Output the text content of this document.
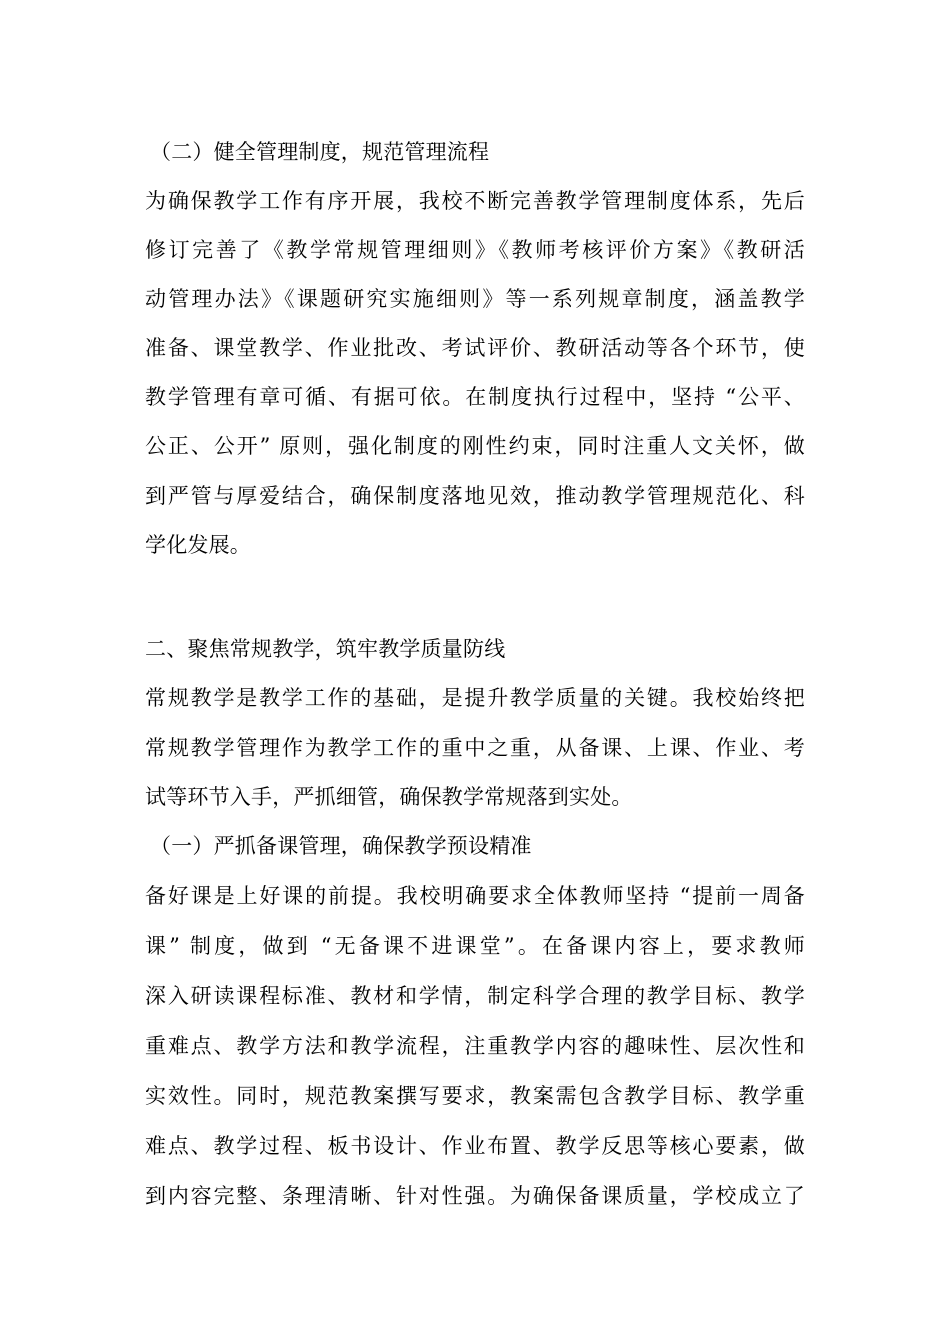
（二）健全管理制度，规范管理流程
为确保教学工作有序开展，我校不断完善教学管理制度体系，先后
修订完善了《教学常规管理细则》《教师考核评价方案》《教研活
动管理办法》《课题研究实施细则》等一系列规章制度，涵盖教学
准备、课堂教学、作业批改、考试评价、教研活动等各个环节，使
教学管理有章可循、有据可依。在制度执行过程中，坚持 “公平、
公正、公开” 原则，强化制度的刚性约束，同时注重人文关怀，做
到严管与厚爱结合，确保制度落地见效，推动教学管理规范化、科
学化发展。
二、聚焦常规教学，筑牢教学质量防线
常规教学是教学工作的基础，是提升教学质量的关键。我校始终把
常规教学管理作为教学工作的重中之重，从备课、上课、作业、考
试等环节入手，严抓细管，确保教学常规落到实处。
（一）严抓备课管理，确保教学预设精准
备好课是上好课的前提。我校明确要求全体教师坚持 “提前一周备
课” 制度，做到 “无备课不进课堂”。在备课内容上，要求教师
深入研读课程标准、教材和学情，制定科学合理的教学目标、教学
重难点、教学方法和教学流程，注重教学内容的趣味性、层次性和
实效性。同时，规范教案撰写要求，教案需包含教学目标、教学重
难点、教学过程、板书设计、作业布置、教学反思等核心要素，做
到内容完整、条理清晰、针对性强。为确保备课质量，学校成立了
